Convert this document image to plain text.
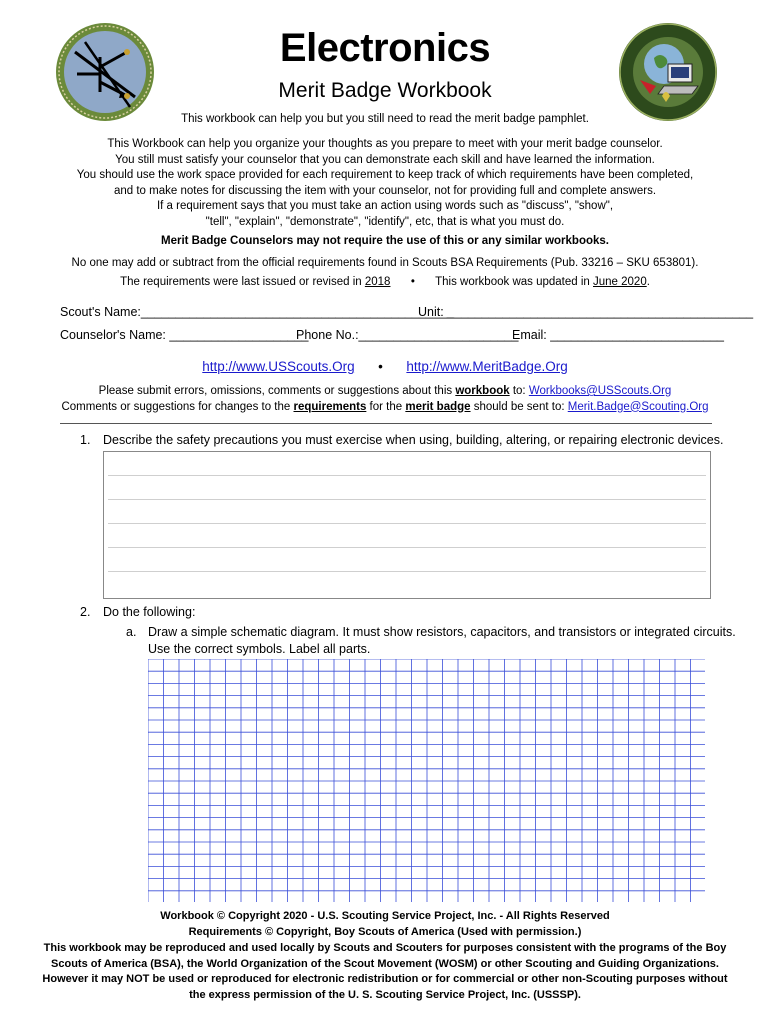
Electronics
Merit Badge Workbook
This workbook can help you but you still need to read the merit badge pamphlet.
This Workbook can help you organize your thoughts as you prepare to meet with your merit badge counselor.
You still must satisfy your counselor that you can demonstrate each skill and have learned the information.
You should use the work space provided for each requirement to keep track of which requirements have been completed,
and to make notes for discussing the item with your counselor, not for providing full and complete answers.
If a requirement says that you must take an action using words such as "discuss", "show",
"tell", "explain", "demonstrate", "identify", etc, that is what you must do.
Merit Badge Counselors may not require the use of this or any similar workbooks.
No one may add or subtract from the official requirements found in Scouts BSA Requirements (Pub. 33216 – SKU 653801).
The requirements were last issued or revised in 2018 • This workbook was updated in June 2020.
Scout's Name:_____________________________________________
Unit: ____________________________________________
Counselor's Name: ____________________
Phone No.:_______________________
Email: _________________________
http://www.USScouts.Org • http://www.MeritBadge.Org
Please submit errors, omissions, comments or suggestions about this workbook to: Workbooks@USScouts.Org
Comments or suggestions for changes to the requirements for the merit badge should be sent to: Merit.Badge@Scouting.Org
1. Describe the safety precautions you must exercise when using, building, altering, or repairing electronic devices.
2. Do the following:
a. Draw a simple schematic diagram. It must show resistors, capacitors, and transistors or integrated circuits.
Use the correct symbols. Label all parts.
Workbook © Copyright 2020 - U.S. Scouting Service Project, Inc. - All Rights Reserved
Requirements © Copyright, Boy Scouts of America (Used with permission.)
This workbook may be reproduced and used locally by Scouts and Scouters for purposes consistent with the programs of the Boy Scouts of America (BSA), the World Organization of the Scout Movement (WOSM) or other Scouting and Guiding Organizations. However it may NOT be used or reproduced for electronic redistribution or for commercial or other non-Scouting purposes without the express permission of the U. S. Scouting Service Project, Inc. (USSSP).
